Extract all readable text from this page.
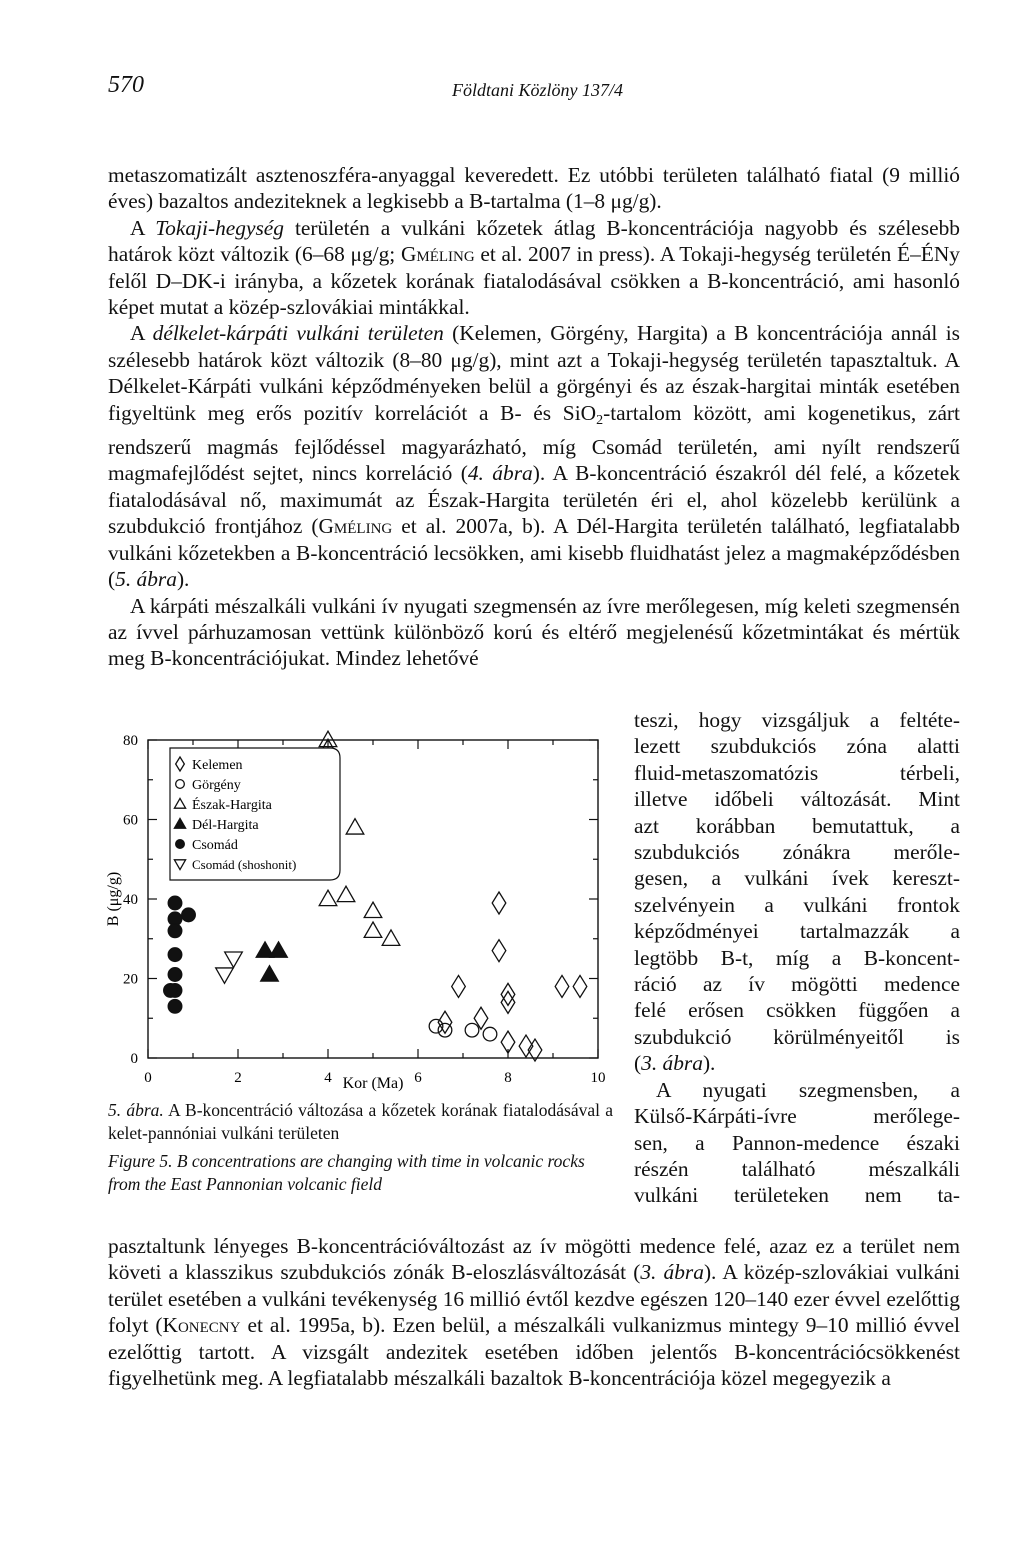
570	Földtani Közlöny 137/4

metaszomatizált asztenoszféra-anyaggal keveredett. Ez utóbbi területen található fiatal (9 millió éves) bazaltos andeziteknek a legkisebb a B-tartalma (1–8 μg/g).

A Tokaji-hegység területén a vulkáni kőzetek átlag B-koncentrációja nagyobb és szélesebb határok közt változik (6–68 μg/g; Gméling et al. 2007 in press). A Tokaji-hegység területén É–ÉNy felől D–DK-i irányba, a kőzetek korának fiatalodásával csökken a B-koncentráció, ami hasonló képet mutat a közép-szlovákiai mintákkal.

A délkelet-kárpáti vulkáni területen (Kelemen, Görgény, Hargita) a B koncentrációja annál is szélesebb határok közt változik (8–80 μg/g), mint azt a Tokaji-hegység területén tapasztaltuk. A Délkelet-Kárpáti vulkáni képződményeken belül a görgényi és az észak-hargitai minták esetében figyeltünk meg erős pozitív korrelációt a B- és SiO$_2$-tartalom között, ami kogenetikus, zárt rendszerű magmás fejlődéssel magyarázható, míg Csomád területén, ami nyílt rendszerű magmafejlődést sejtet, nincs korreláció (4. ábra). A B-koncentráció északról dél felé, a kőzetek fiatalodásával nő, maximumát az Észak-Hargita területén éri el, ahol közelebb kerülünk a szubdukció frontjához (Gméling et al. 2007a, b). A Dél-Hargita területén található, legfiatalabb vulkáni kőzetekben a B-koncentráció lecsökken, ami kisebb fluidhatást jelez a magmaképződésben (5. ábra).

A kárpáti mészalkáli vulkáni ív nyugati szegmensén az ívre merőlegesen, míg keleti szegmensén az ívvel párhuzamosan vettünk különböző korú és eltérő megjelenésű kőzetmintákat és mértük meg B-koncentrációjukat. Mindez lehetővé

teszi, hogy vizsgáljuk a feltéte-
lezett szubdukciós zóna alatti
fluid-metaszomatózis térbeli,
illetve időbeli változását. Mint
azt korábban bemutattuk, a
szubdukciós zónákra merőle-
gesen, a vulkáni ívek kereszt-
szelvényein a vulkáni frontok
képződményei tartalmazzák a
legtöbb B-t, míg a B-koncent-
ráció az ív mögötti medence
felé erősen csökken függően a
szubdukció körülményeitől is
(3. ábra).
A nyugati szegmensben, a
Külső-Kárpáti-ívre merőlege-
sen, a Pannon-medence északi
részén található mészalkáli
vulkáni területeken nem ta-
0	2	4	6	8	10
0
20
40
60
80
Kor (Ma)
B (μg/g)
Kelemen
Görgény
Észak-Hargita
Dél-Hargita
Csomád
Csomád (shoshonit)
5. ábra. A B-koncentráció változása a kőzetek korának fiatalodásával a kelet-pannóniai vulkáni területen
Figure 5. B concentrations are changing with time in volcanic rocks from the East Pannonian volcanic field

pasztaltunk lényeges B-koncentrációváltozást az ív mögötti medence felé, azaz ez a terület nem követi a klasszikus szubdukciós zónák B-eloszlásváltozását (3. ábra). A közép-szlovákiai vulkáni terület esetében a vulkáni tevékenység 16 millió évtől kezdve egészen 120–140 ezer évvel ezelőttig folyt (Konecny et al. 1995a, b). Ezen belül, a mészalkáli vulkanizmus mintegy 9–10 millió évvel ezelőttig tartott. A vizsgált andezitek esetében időben jelentős B-koncentrációcsökkenést figyelhetünk meg. A legfiatalabb mészalkáli bazaltok B-koncentrációja közel megegyezik a
